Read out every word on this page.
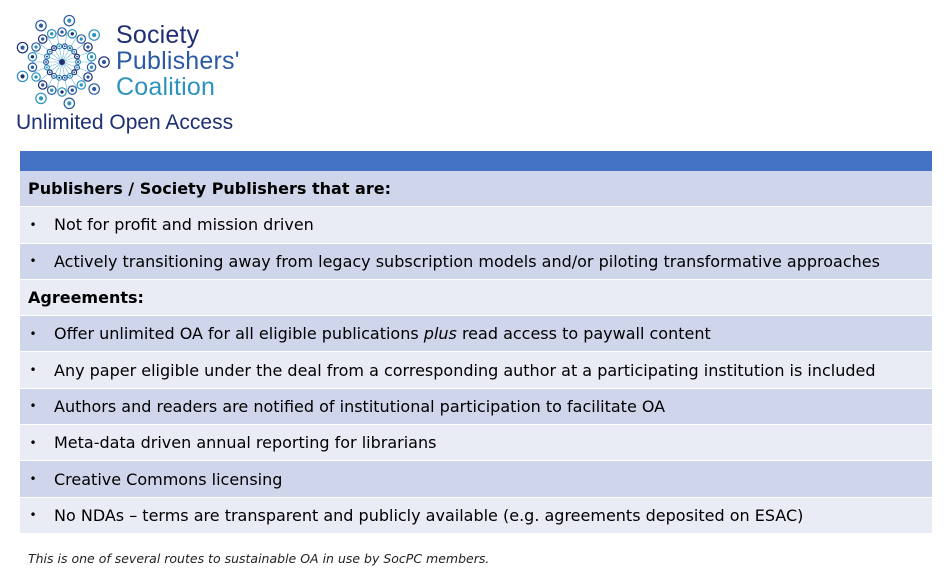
Society
Publishers'
Coalition
Unlimited Open Access
Publishers / Society Publishers that are:
•	Not for profit and mission driven
•	Actively transitioning away from legacy subscription models and/or piloting transformative approaches
Agreements:
•	Offer unlimited OA for all eligible publications plus read access to paywall content
•	Any paper eligible under the deal from a corresponding author at a participating institution is included
•	Authors and readers are notified of institutional participation to facilitate OA
•	Meta-data driven annual reporting for librarians
•	Creative Commons licensing
•	No NDAs – terms are transparent and publicly available (e.g. agreements deposited on ESAC)
This is one of several routes to sustainable OA in use by SocPC members.
